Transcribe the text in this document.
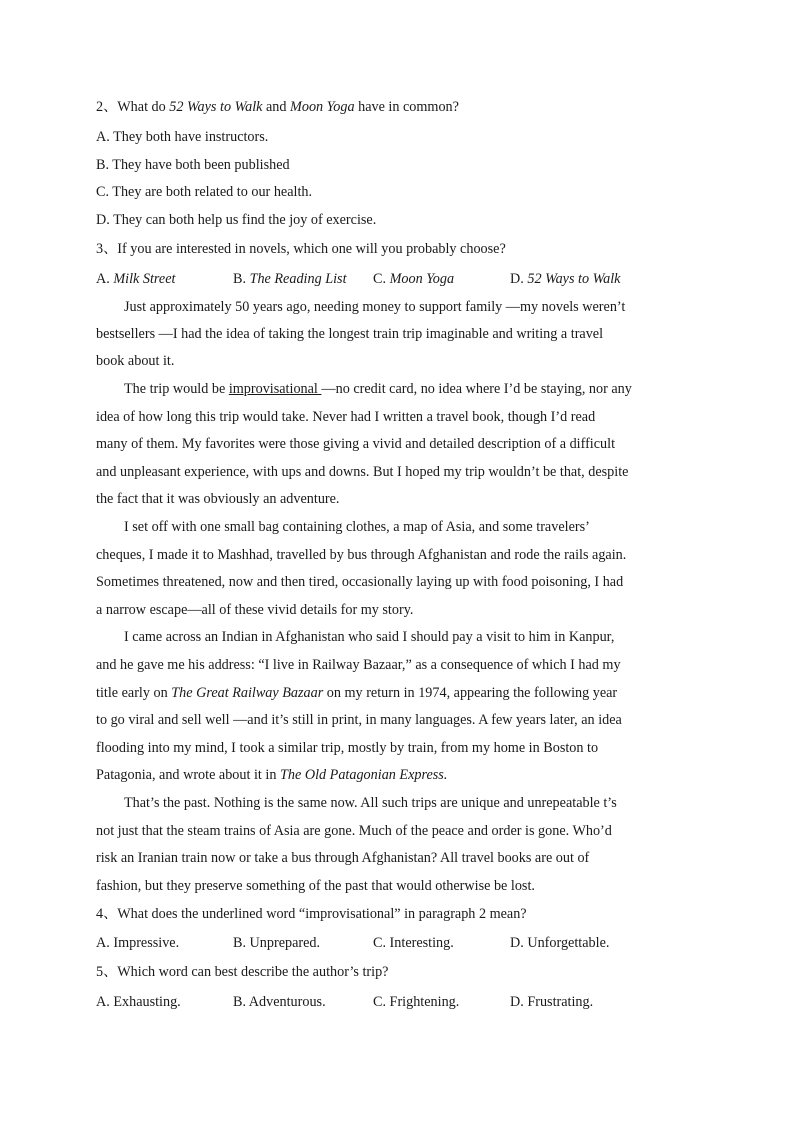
2、What do 52 Ways to Walk and Moon Yoga have in common?
A. They both have instructors.
B. They have both been published
C. They are both related to our health.
D. They can both help us find the joy of exercise.
3、If you are interested in novels, which one will you probably choose?
A. Milk Street	B. The Reading List C. Moon Yoga	D. 52 Ways to Walk
Just approximately 50 years ago, needing money to support family —my novels weren’t
bestsellers —I had the idea of taking the longest train trip imaginable and writing a travel
book about it.
The trip would be improvisational —no credit card, no idea where I’d be staying, nor any
idea of how long this trip would take. Never had I written a travel book, though I’d read
many of them. My favorites were those giving a vivid and detailed description of a difficult
and unpleasant experience, with ups and downs. But I hoped my trip wouldn’t be that, despite
the fact that it was obviously an adventure.
I set off with one small bag containing clothes, a map of Asia, and some travelers’
cheques, I made it to Mashhad, travelled by bus through Afghanistan and rode the rails again.
Sometimes threatened, now and then tired, occasionally laying up with food poisoning, I had
a narrow escape—all of these vivid details for my story.
I came across an Indian in Afghanistan who said I should pay a visit to him in Kanpur,
and he gave me his address: “I live in Railway Bazaar,” as a consequence of which I had my
title early on The Great Railway Bazaar on my return in 1974, appearing the following year
to go viral and sell well —and it’s still in print, in many languages. A few years later, an idea
flooding into my mind, I took a similar trip, mostly by train, from my home in Boston to
Patagonia, and wrote about it in The Old Patagonian Express.
That’s the past. Nothing is the same now. All such trips are unique and unrepeatable t’s
not just that the steam trains of Asia are gone. Much of the peace and order is gone. Who’d
risk an Iranian train now or take a bus through Afghanistan? All travel books are out of
fashion, but they preserve something of the past that would otherwise be lost.
4、What does the underlined word “improvisational” in paragraph 2 mean?
A. Impressive.	B. Unprepared.	C. Interesting.	D. Unforgettable.
5、Which word can best describe the author’s trip?
A. Exhausting.	B. Adventurous.	C. Frightening.	D. Frustrating.
